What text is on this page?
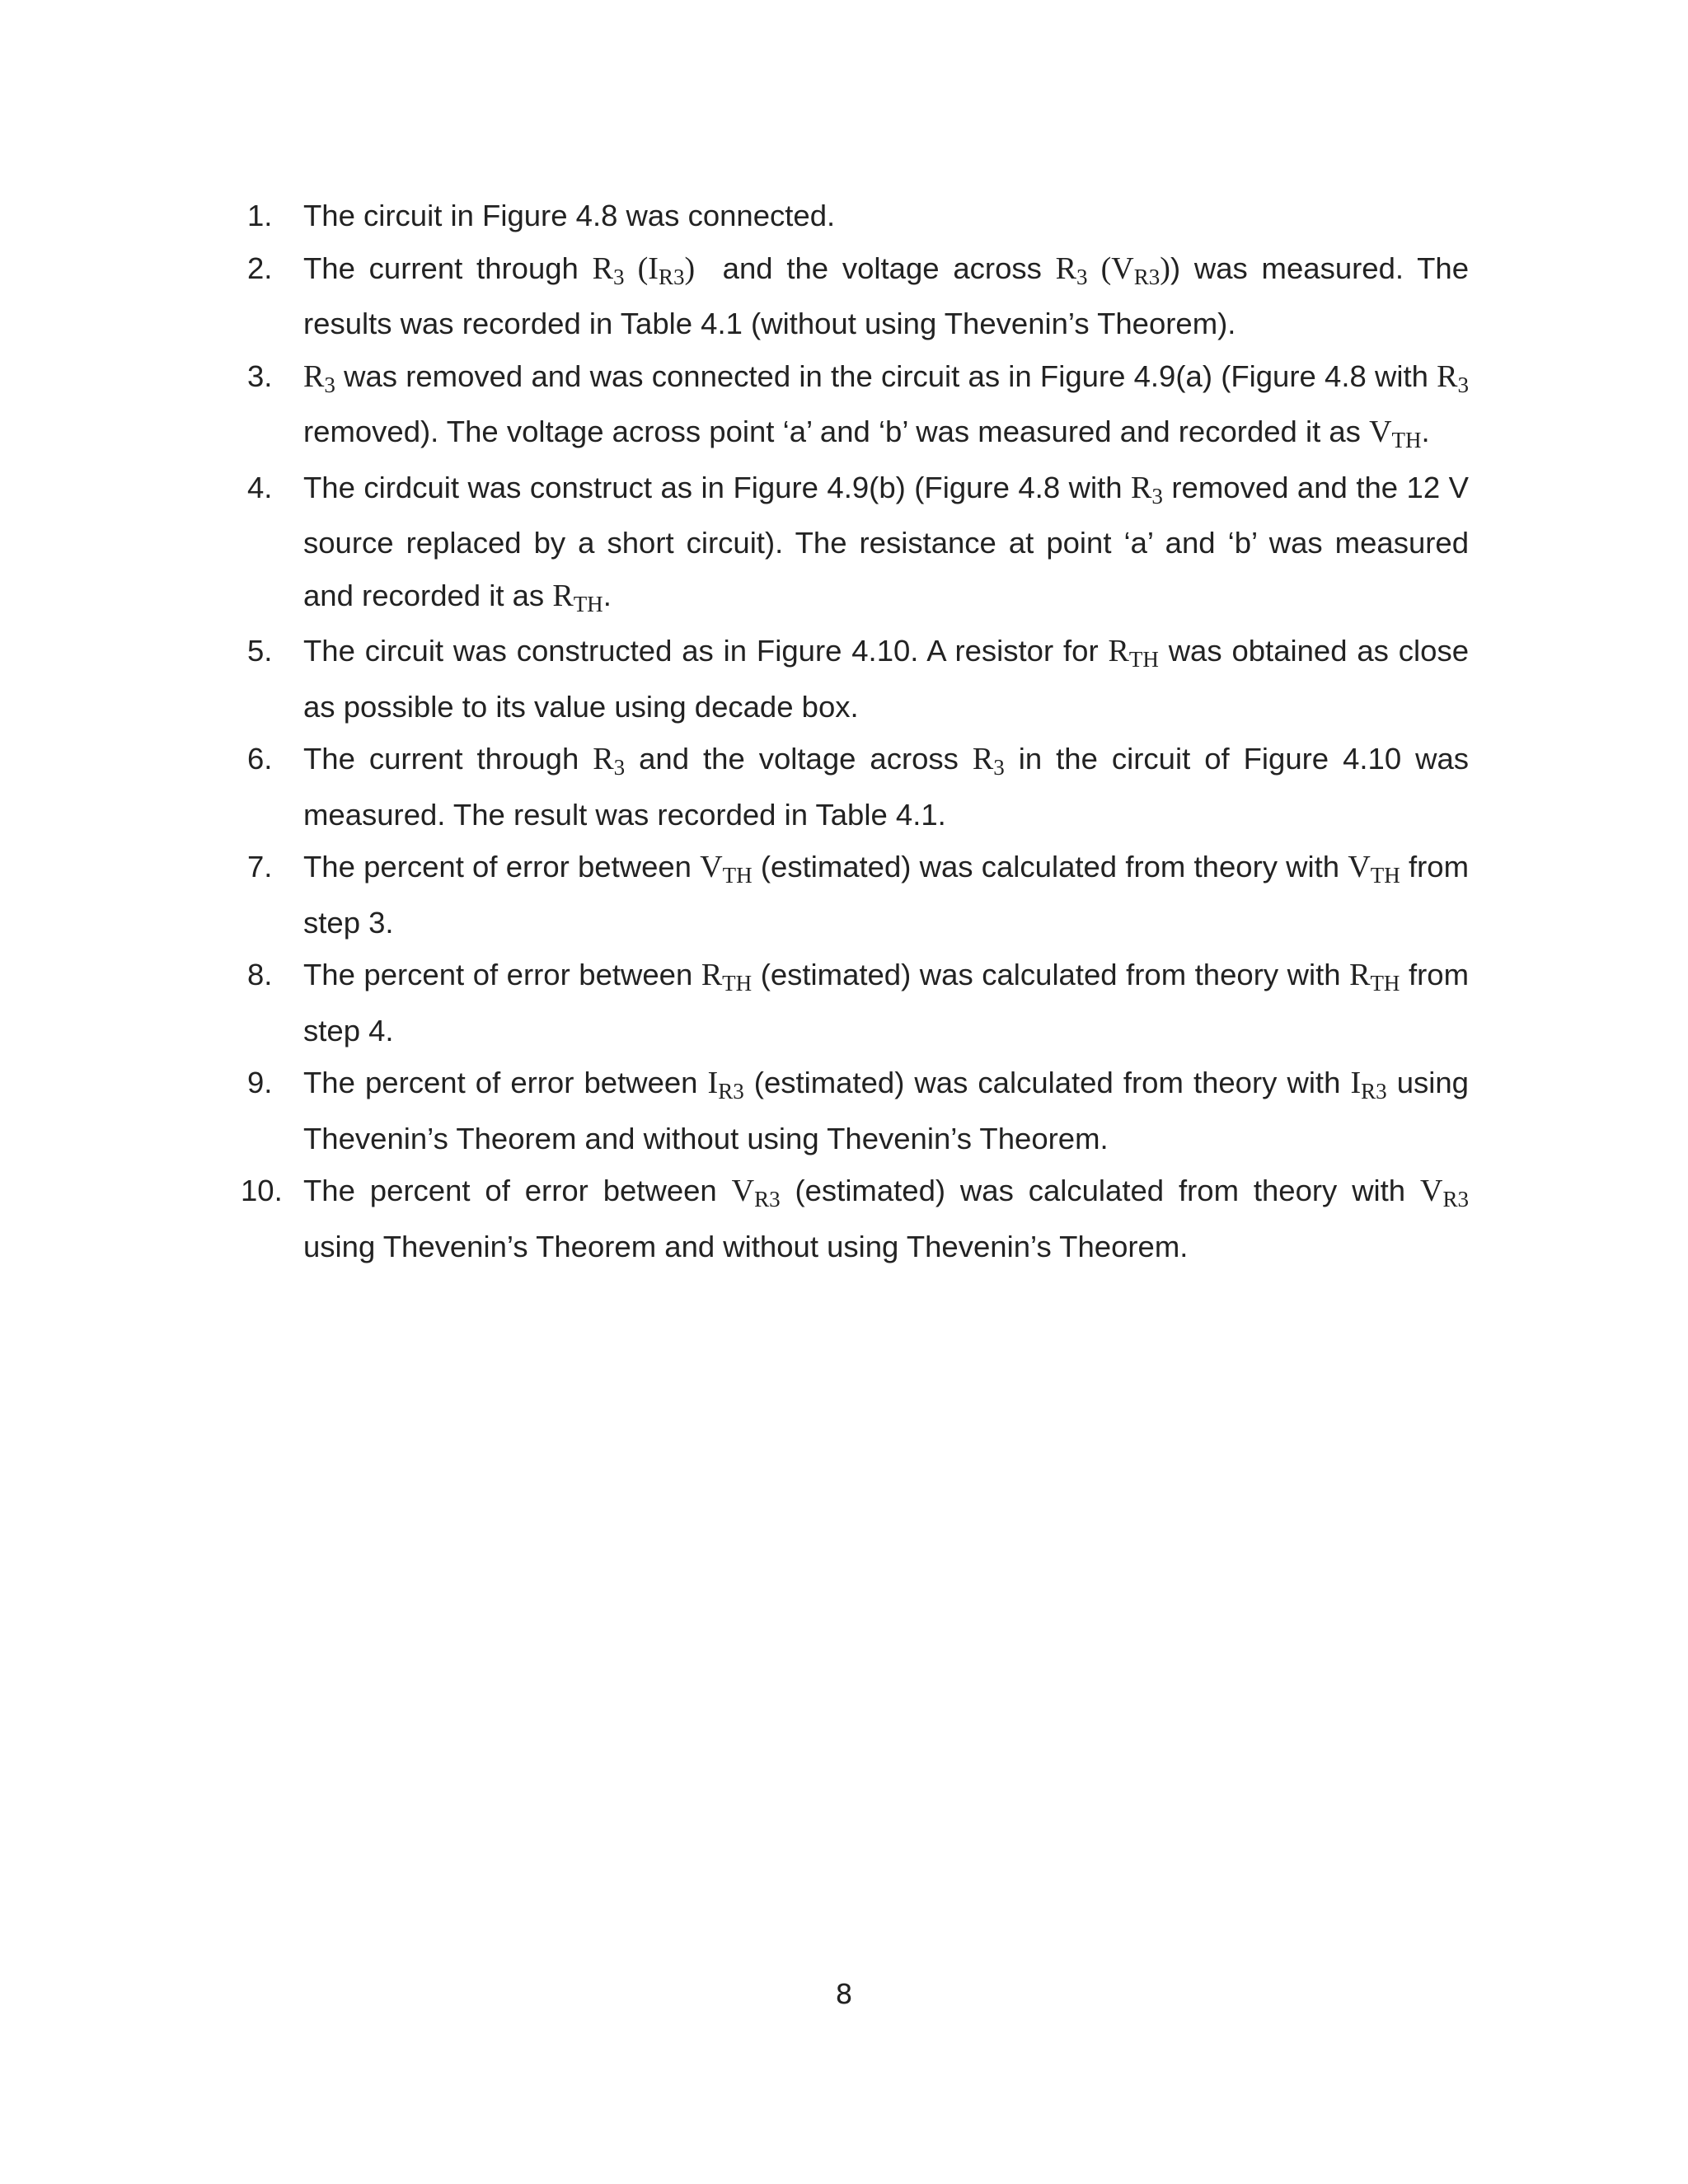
1.	The circuit in Figure 4.8 was connected.
2.	The current through R3 (IR3)  and the voltage across R3 (VR3)) was measured. The results was recorded in Table 4.1 (without using Thevenin’s Theorem).
3. R3 was removed and was connected in the circuit as in Figure 4.9(a) (Figure 4.8 with R3 removed). The voltage across point ‘a’ and ‘b’ was measured and recorded it as VTH.
4.	The cirdcuit was construct as in Figure 4.9(b) (Figure 4.8 with R3 removed and the 12 V source replaced by a short circuit). The resistance at point ‘a’ and ‘b’ was measured and recorded it as RTH.
5.	The circuit was constructed as in Figure 4.10. A resistor for RTH was obtained as close as possible to its value using decade box.
6.	The current through R3 and the voltage across R3 in the circuit of Figure 4.10 was measured. The result was recorded in Table 4.1.
7.	The percent of error between VTH (estimated) was calculated from theory with VTH from step 3.
8.	The percent of error between RTH (estimated) was calculated from theory with RTH from step 4.
9.	The percent of error between IR3 (estimated) was calculated from theory with IR3 using Thevenin’s Theorem and without using Thevenin’s Theorem.
10. The percent of error between VR3 (estimated) was calculated from theory with VR3 using Thevenin’s Theorem and without using Thevenin’s Theorem.
8
